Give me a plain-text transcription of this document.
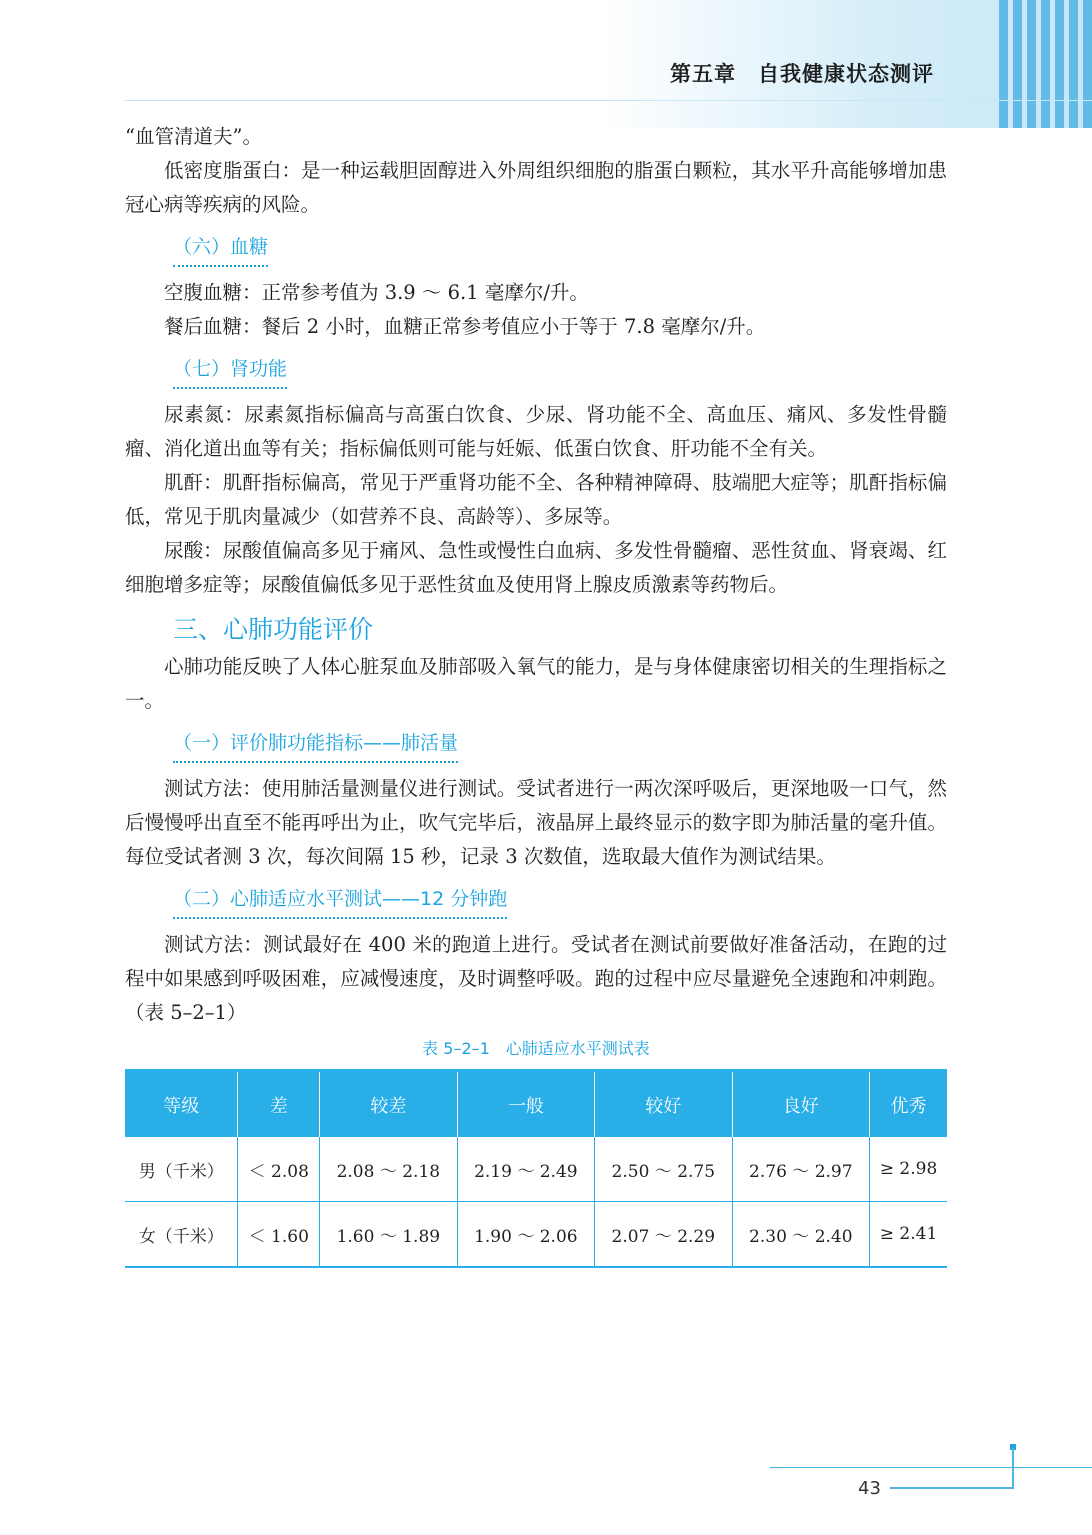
第五章　自我健康状态测评

“血管清道夫”。

低密度脂蛋白：是一种运载胆固醇进入外周组织细胞的脂蛋白颗粒，其水平升高能够增加患冠心病等疾病的风险。

（六）血糖

空腹血糖：正常参考值为 3.9 ～ 6.1 毫摩尔/升。

餐后血糖：餐后 2 小时，血糖正常参考值应小于等于 7.8 毫摩尔/升。

（七）肾功能

尿素氮：尿素氮指标偏高与高蛋白饮食、少尿、肾功能不全、高血压、痛风、多发性骨髓瘤、消化道出血等有关；指标偏低则可能与妊娠、低蛋白饮食、肝功能不全有关。

肌酐：肌酐指标偏高，常见于严重肾功能不全、各种精神障碍、肢端肥大症等；肌酐指标偏低，常见于肌肉量减少（如营养不良、高龄等）、多尿等。

尿酸：尿酸值偏高多见于痛风、急性或慢性白血病、多发性骨髓瘤、恶性贫血、肾衰竭、红细胞增多症等；尿酸值偏低多见于恶性贫血及使用肾上腺皮质激素等药物后。

三、心肺功能评价

心肺功能反映了人体心脏泵血及肺部吸入氧气的能力，是与身体健康密切相关的生理指标之一。

（一）评价肺功能指标——肺活量

测试方法：使用肺活量测量仪进行测试。受试者进行一两次深呼吸后，更深地吸一口气，然后慢慢呼出直至不能再呼出为止，吹气完毕后，液晶屏上最终显示的数字即为肺活量的毫升值。每位受试者测 3 次，每次间隔 15 秒，记录 3 次数值，选取最大值作为测试结果。

（二）心肺适应水平测试——12 分钟跑

测试方法：测试最好在 400 米的跑道上进行。受试者在测试前要做好准备活动，在跑的过程中如果感到呼吸困难，应减慢速度，及时调整呼吸。跑的过程中应尽量避免全速跑和冲刺跑。（表 5–2–1）

表 5–2–1　心肺适应水平测试表
等级	差	较差	一般	较好	良好	优秀
男（千米）	＜ 2.08	2.08 ～ 2.18	2.19 ～ 2.49	2.50 ～ 2.75	2.76 ～ 2.97	≥ 2.98
女（千米）	＜ 1.60	1.60 ～ 1.89	1.90 ～ 2.06	2.07 ～ 2.29	2.30 ～ 2.40	≥ 2.41
43
